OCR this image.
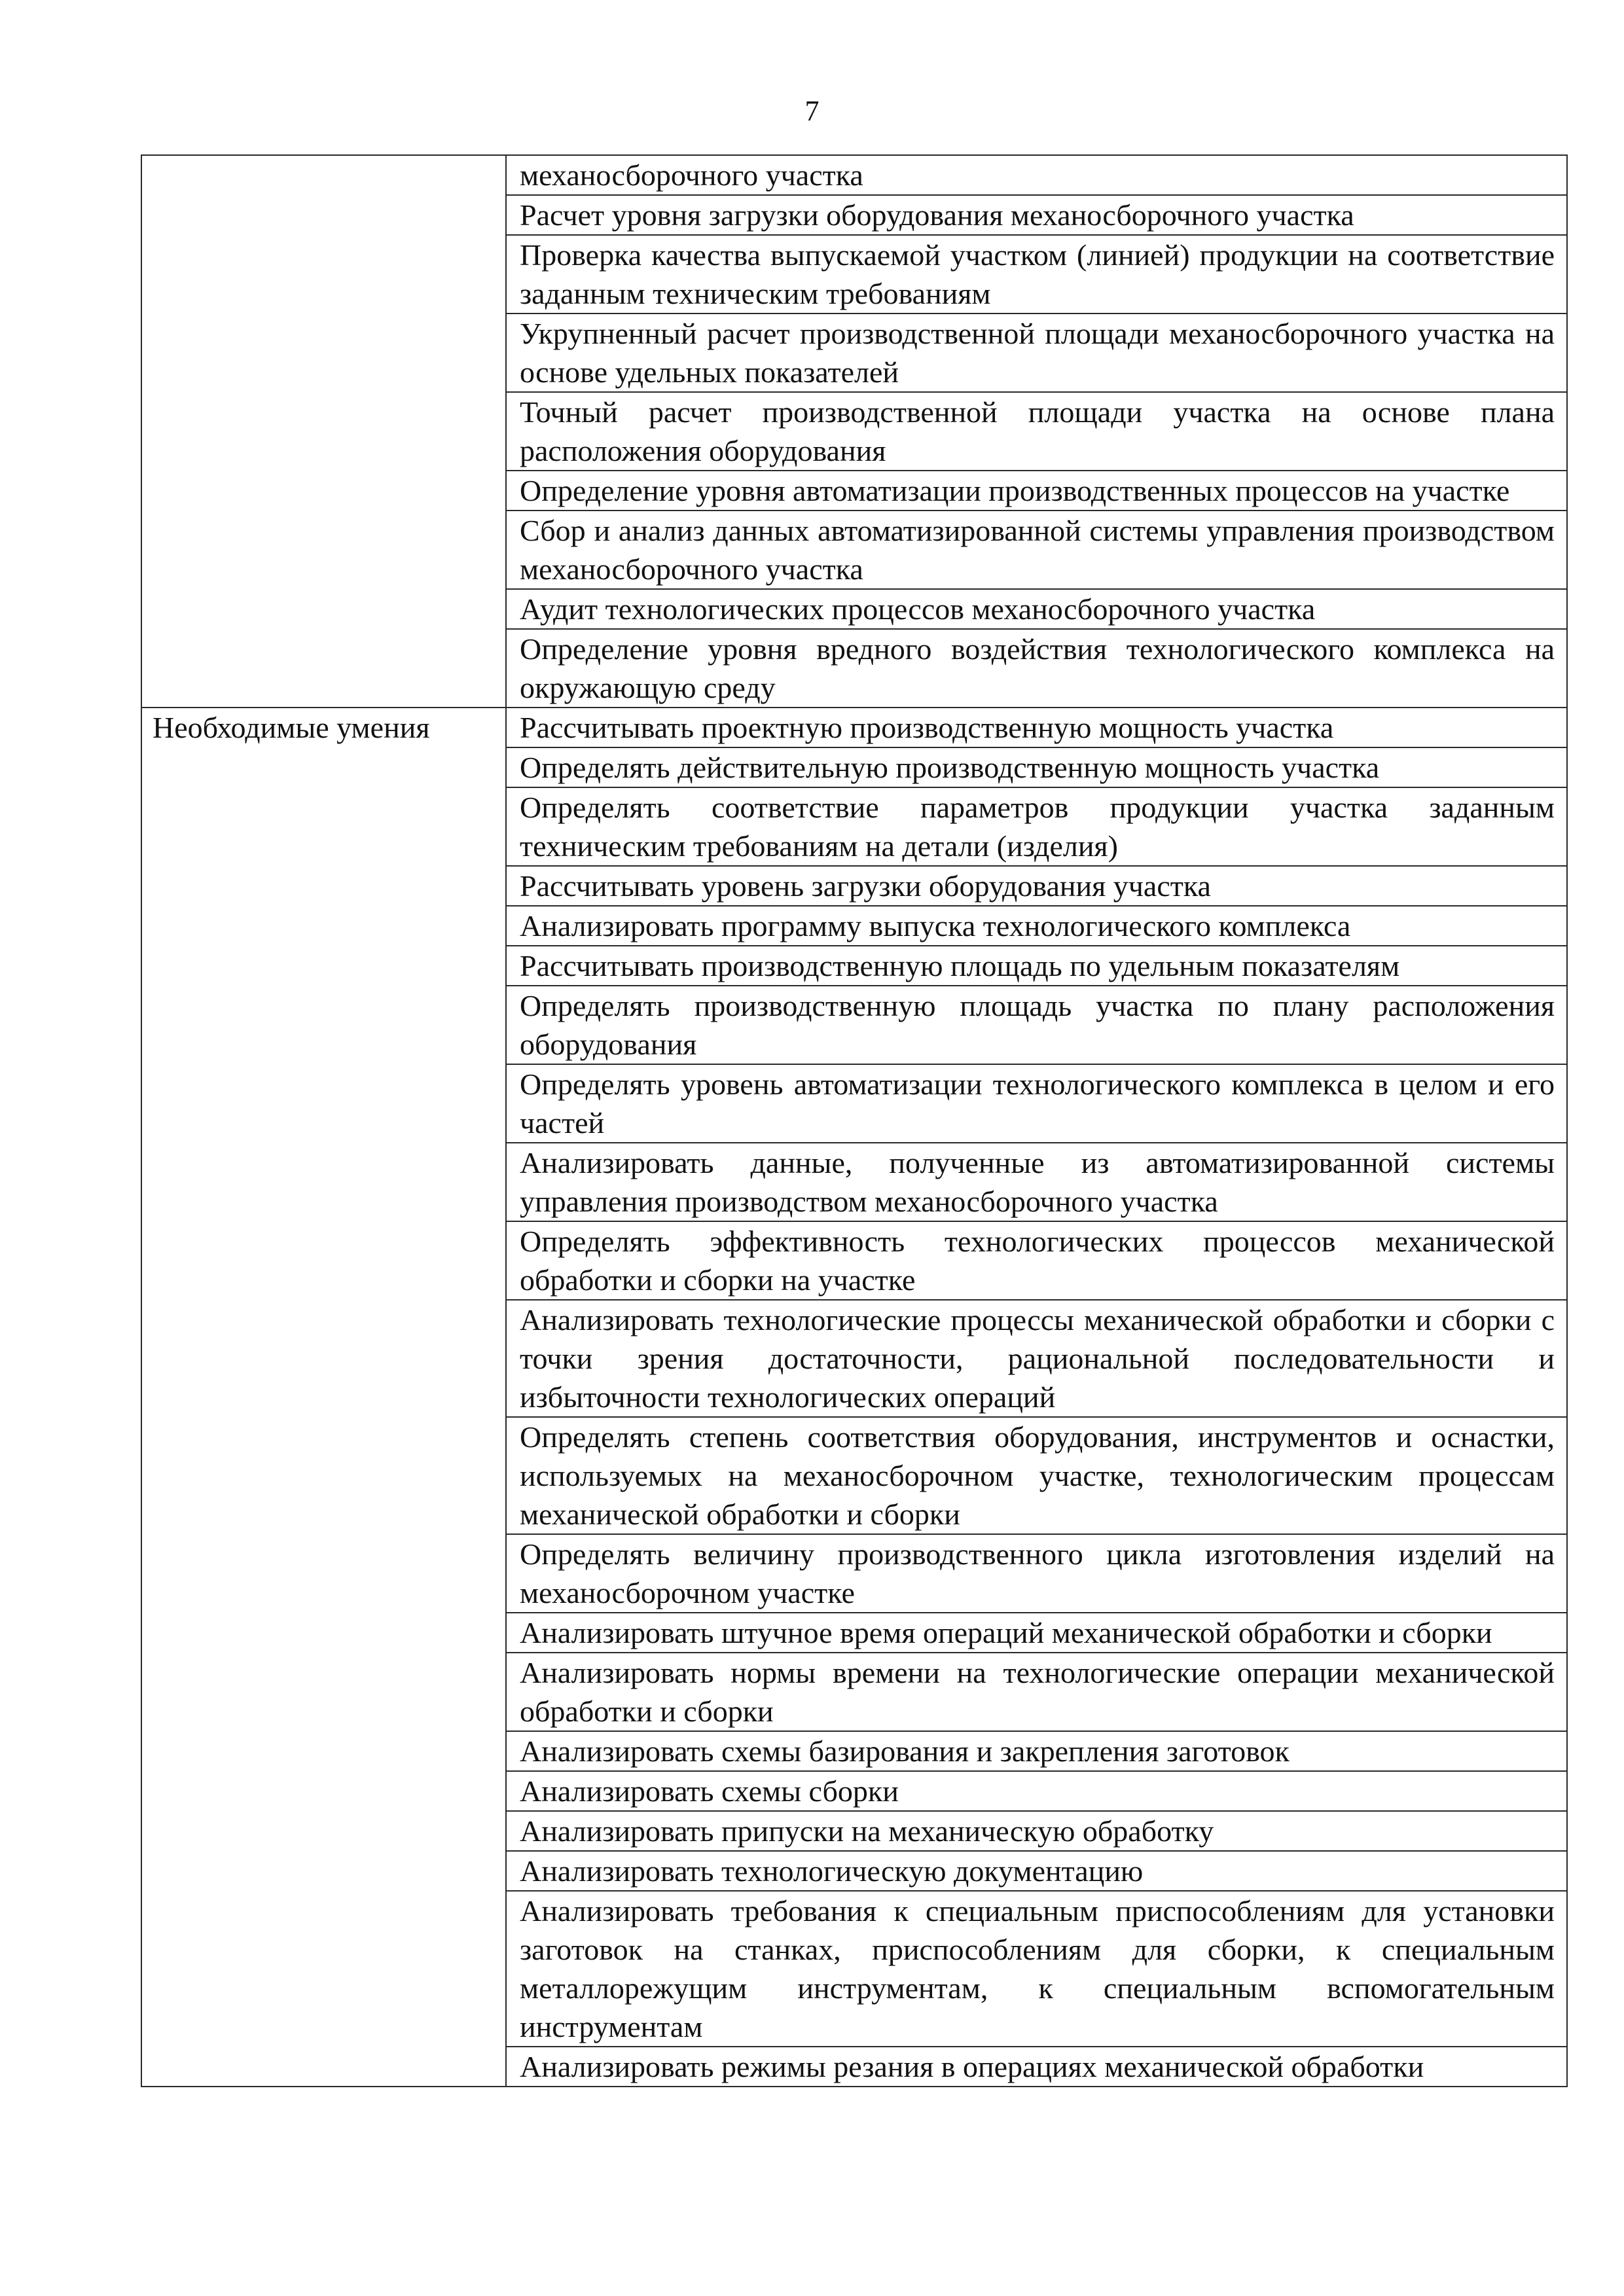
7
	механосборочного участка
	Расчет уровня загрузки оборудования механосборочного участка
	Проверка качества выпускаемой участком (линией) продукции на соответствие заданным техническим требованиям
	Укрупненный расчет производственной площади механосборочного участка на основе удельных показателей
	Точный расчет производственной площади участка на основе плана расположения оборудования
	Определение уровня автоматизации производственных процессов на участке
	Сбор и анализ данных автоматизированной системы управления производством механосборочного участка
	Аудит технологических процессов механосборочного участка
	Определение уровня вредного воздействия технологического комплекса на окружающую среду
Необходимые умения	Рассчитывать проектную производственную мощность участка
	Определять действительную производственную мощность участка
	Определять соответствие параметров продукции участка заданным техническим требованиям на детали (изделия)
	Рассчитывать уровень загрузки оборудования участка
	Анализировать программу выпуска технологического комплекса
	Рассчитывать производственную площадь по удельным показателям
	Определять производственную площадь участка по плану расположения оборудования
	Определять уровень автоматизации технологического комплекса в целом и его частей
	Анализировать данные, полученные из автоматизированной системы управления производством механосборочного участка
	Определять эффективность технологических процессов механической обработки и сборки на участке
	Анализировать технологические процессы механической обработки и сборки с точки зрения достаточности, рациональной последовательности и избыточности технологических операций
	Определять степень соответствия оборудования, инструментов и оснастки, используемых на механосборочном участке, технологическим процессам механической обработки и сборки
	Определять величину производственного цикла изготовления изделий на механосборочном участке
	Анализировать штучное время операций механической обработки и сборки
	Анализировать нормы времени на технологические операции механической обработки и сборки
	Анализировать схемы базирования и закрепления заготовок
	Анализировать схемы сборки
	Анализировать припуски на механическую обработку
	Анализировать технологическую документацию
	Анализировать требования к специальным приспособлениям для установки заготовок на станках, приспособлениям для сборки, к специальным металлорежущим инструментам, к специальным вспомогательным инструментам
	Анализировать режимы резания в операциях механической обработки
